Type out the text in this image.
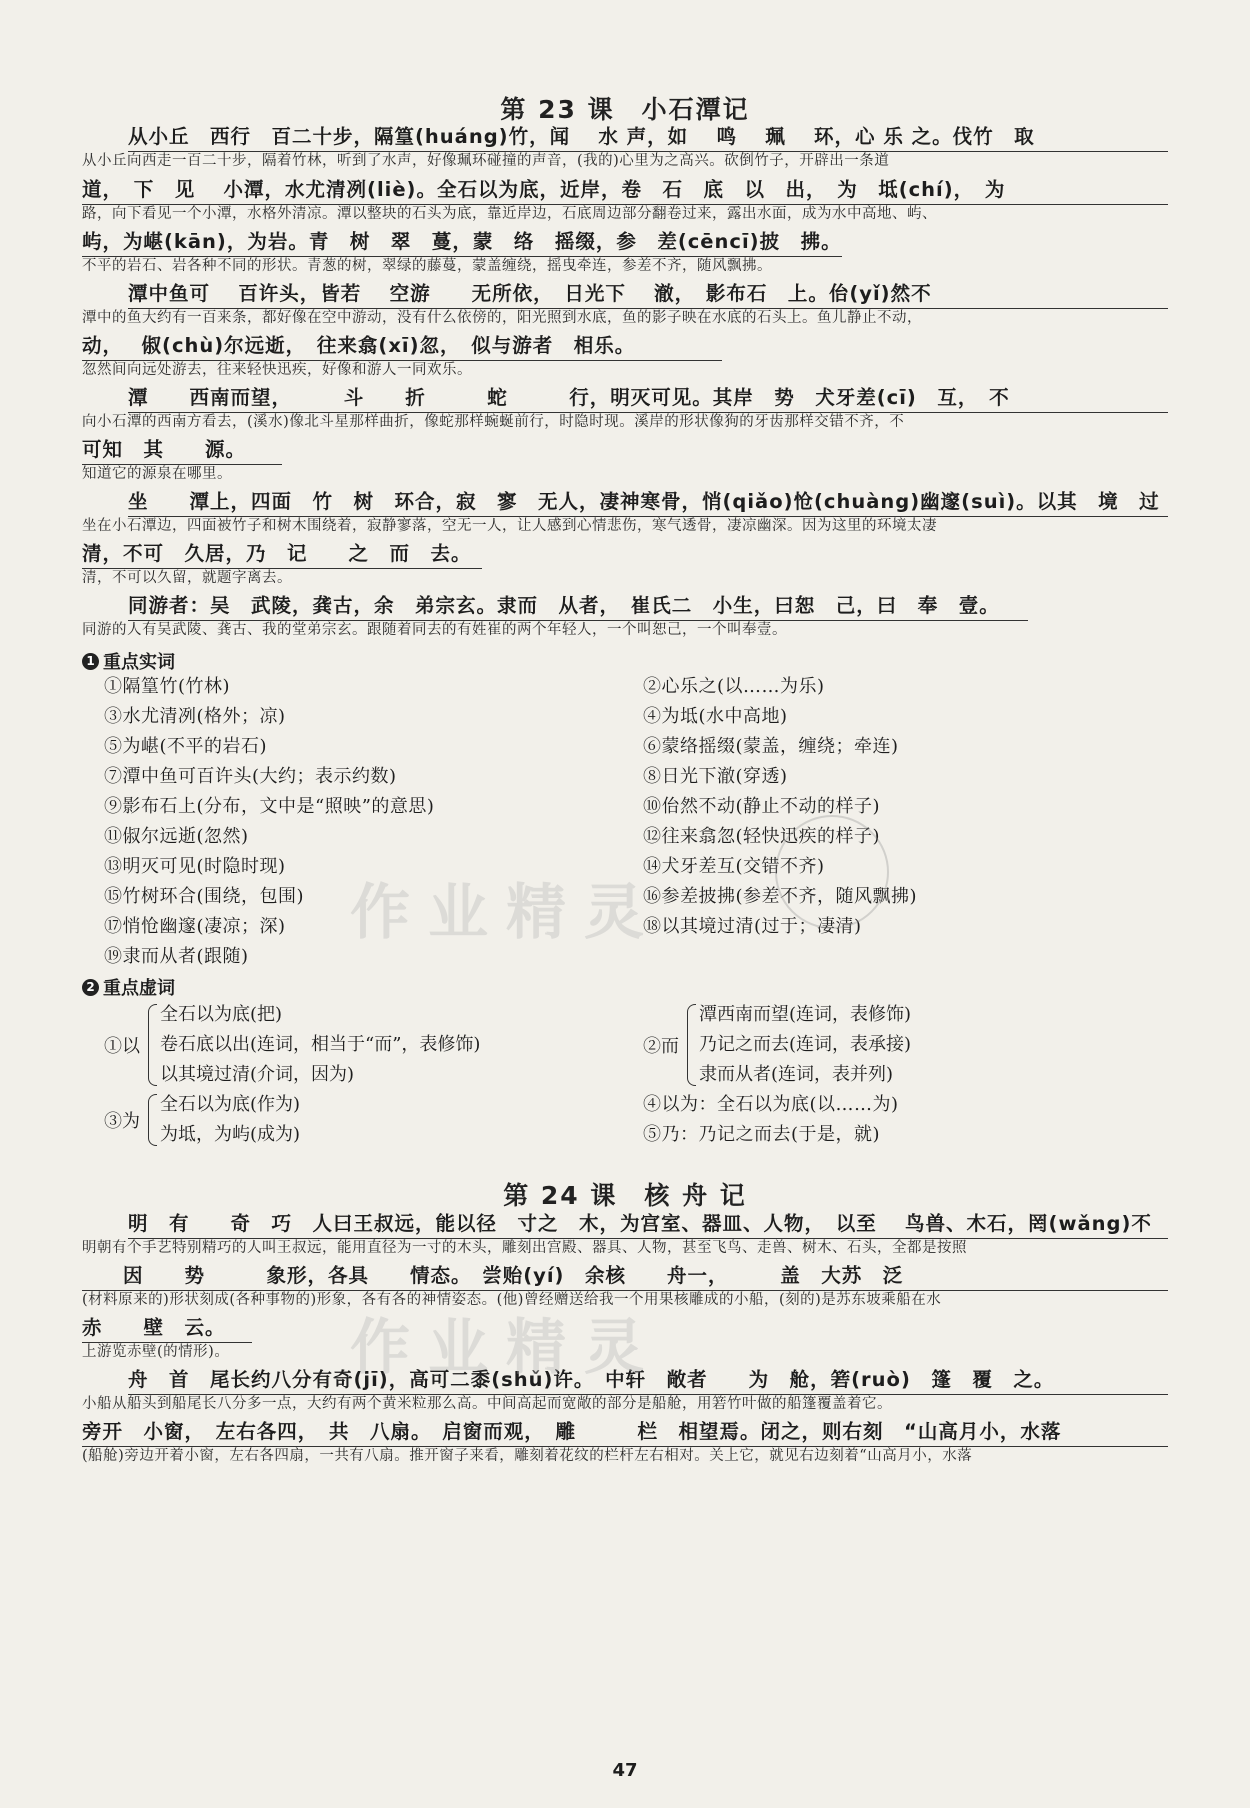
第 23 课　小石潭记
从小丘　西行　百二十步，隔篁(huáng)竹，闻　 水 声，如　 鸣　 珮　 环，心 乐 之。伐竹　取
从小丘向西走一百二十步，隔着竹林，听到了水声，好像珮环碰撞的声音，(我的)心里为之高兴。砍倒竹子，开辟出一条道
道，　下　见　 小潭，水尤清冽(liè)。全石以为底，近岸，卷　石　底　以　出，　为　坻(chí)，　为
路，向下看见一个小潭，水格外清凉。潭以整块的石头为底，靠近岸边，石底周边部分翻卷过来，露出水面，成为水中高地、屿、
屿，为嵁(kān)，为岩。青　树　翠　蔓，蒙　络　摇缀，参　差(cēncī)披　拂。
不平的岩石、岩各种不同的形状。青葱的树，翠绿的藤蔓，蒙盖缠绕，摇曳牵连，参差不齐，随风飘拂。
潭中鱼可　 百许头，皆若　 空游　　无所依，　日光下　 澈，　影布石　上。佁(yǐ)然不
潭中的鱼大约有一百来条，都好像在空中游动，没有什么依傍的，阳光照到水底，鱼的影子映在水底的石头上。鱼儿静止不动，
动，　 俶(chù)尔远逝，　往来翕(xī)忽，　似与游者　相乐。
忽然间向远处游去，往来轻快迅疾，好像和游人一同欢乐。
潭　　西南而望，　　　斗　　折　　　蛇　　　行，明灭可见。其岸　势　犬牙差(cī)　互，　不
向小石潭的西南方看去，(溪水)像北斗星那样曲折，像蛇那样蜿蜒前行，时隐时现。溪岸的形状像狗的牙齿那样交错不齐，不
可知　其　　源。
知道它的源泉在哪里。
坐　　潭上，四面　竹　树　环合，寂　寥　无人，凄神寒骨，悄(qiǎo)怆(chuàng)幽邃(suì)。以其　境　过
坐在小石潭边，四面被竹子和树木围绕着，寂静寥落，空无一人，让人感到心情悲伤，寒气透骨，凄凉幽深。因为这里的环境太凄
清，不可　久居，乃　记　　之　而　去。
清，不可以久留，就题字离去。
同游者：吴　武陵，龚古，余　弟宗玄。隶而　从者，　崔氏二　小生，曰恕　己，曰　奉　壹。
同游的人有吴武陵、龚古、我的堂弟宗玄。跟随着同去的有姓崔的两个年轻人，一个叫恕己，一个叫奉壹。
1 重点实词
①隔篁竹(竹林)
③水尤清冽(格外；凉)
⑤为嵁(不平的岩石)
⑦潭中鱼可百许头(大约；表示约数)
⑨影布石上(分布，文中是“照映”的意思)
⑪俶尔远逝(忽然)
⑬明灭可见(时隐时现)
⑮竹树环合(围绕，包围)
⑰悄怆幽邃(凄凉；深)
⑲隶而从者(跟随)
②心乐之(以……为乐)
④为坻(水中高地)
⑥蒙络摇缀(蒙盖，缠绕；牵连)
⑧日光下澈(穿透)
⑩佁然不动(静止不动的样子)
⑫往来翕忽(轻快迅疾的样子)
⑭犬牙差互(交错不齐)
⑯参差披拂(参差不齐，随风飘拂)
⑱以其境过清(过于；凄清)
2 重点虚词
①以
全石以为底(把)
卷石底以出(连词，相当于“而”，表修饰)
以其境过清(介词，因为)
②而
潭西南而望(连词，表修饰)
乃记之而去(连词，表承接)
隶而从者(连词，表并列)
③为
全石以为底(作为)
为坻，为屿(成为)
④以为：全石以为底(以……为)
⑤乃：乃记之而去(于是，就)
第 24 课　核 舟 记
明　有　　奇　巧　人曰王叔远，能以径　寸之　木，为宫室、器皿、人物，　以至　 鸟兽、木石，罔(wǎng)不
明朝有个手艺特别精巧的人叫王叔远，能用直径为一寸的木头，雕刻出宫殿、器具、人物，甚至飞鸟、走兽、树木、石头，全都是按照
　　因　　势　　　象形，各具　　情态。　尝贻(yí)　余核　　舟一，　　　盖　大苏　泛
(材料原来的)形状刻成(各种事物的)形象，各有各的神情姿态。(他)曾经赠送给我一个用果核雕成的小船，(刻的)是苏东坡乘船在水
赤　　壁　云。
上游览赤壁(的情形)。
舟　首　尾长约八分有奇(jī)，高可二黍(shǔ)许。　中轩　敞者　　为　舱，箬(ruò)　篷　覆　之。
小船从船头到船尾长八分多一点，大约有两个黄米粒那么高。中间高起而宽敞的部分是船舱，用箬竹叶做的船篷覆盖着它。
旁开　小窗，　左右各四，　共　八扇。　启窗而观，　雕　　　栏　相望焉。闭之，则右刻　“山高月小，水落
(船舱)旁边开着小窗，左右各四扇，一共有八扇。推开窗子来看，雕刻着花纹的栏杆左右相对。关上它，就见右边刻着“山高月小，水落
作业精灵
作业精灵
47
